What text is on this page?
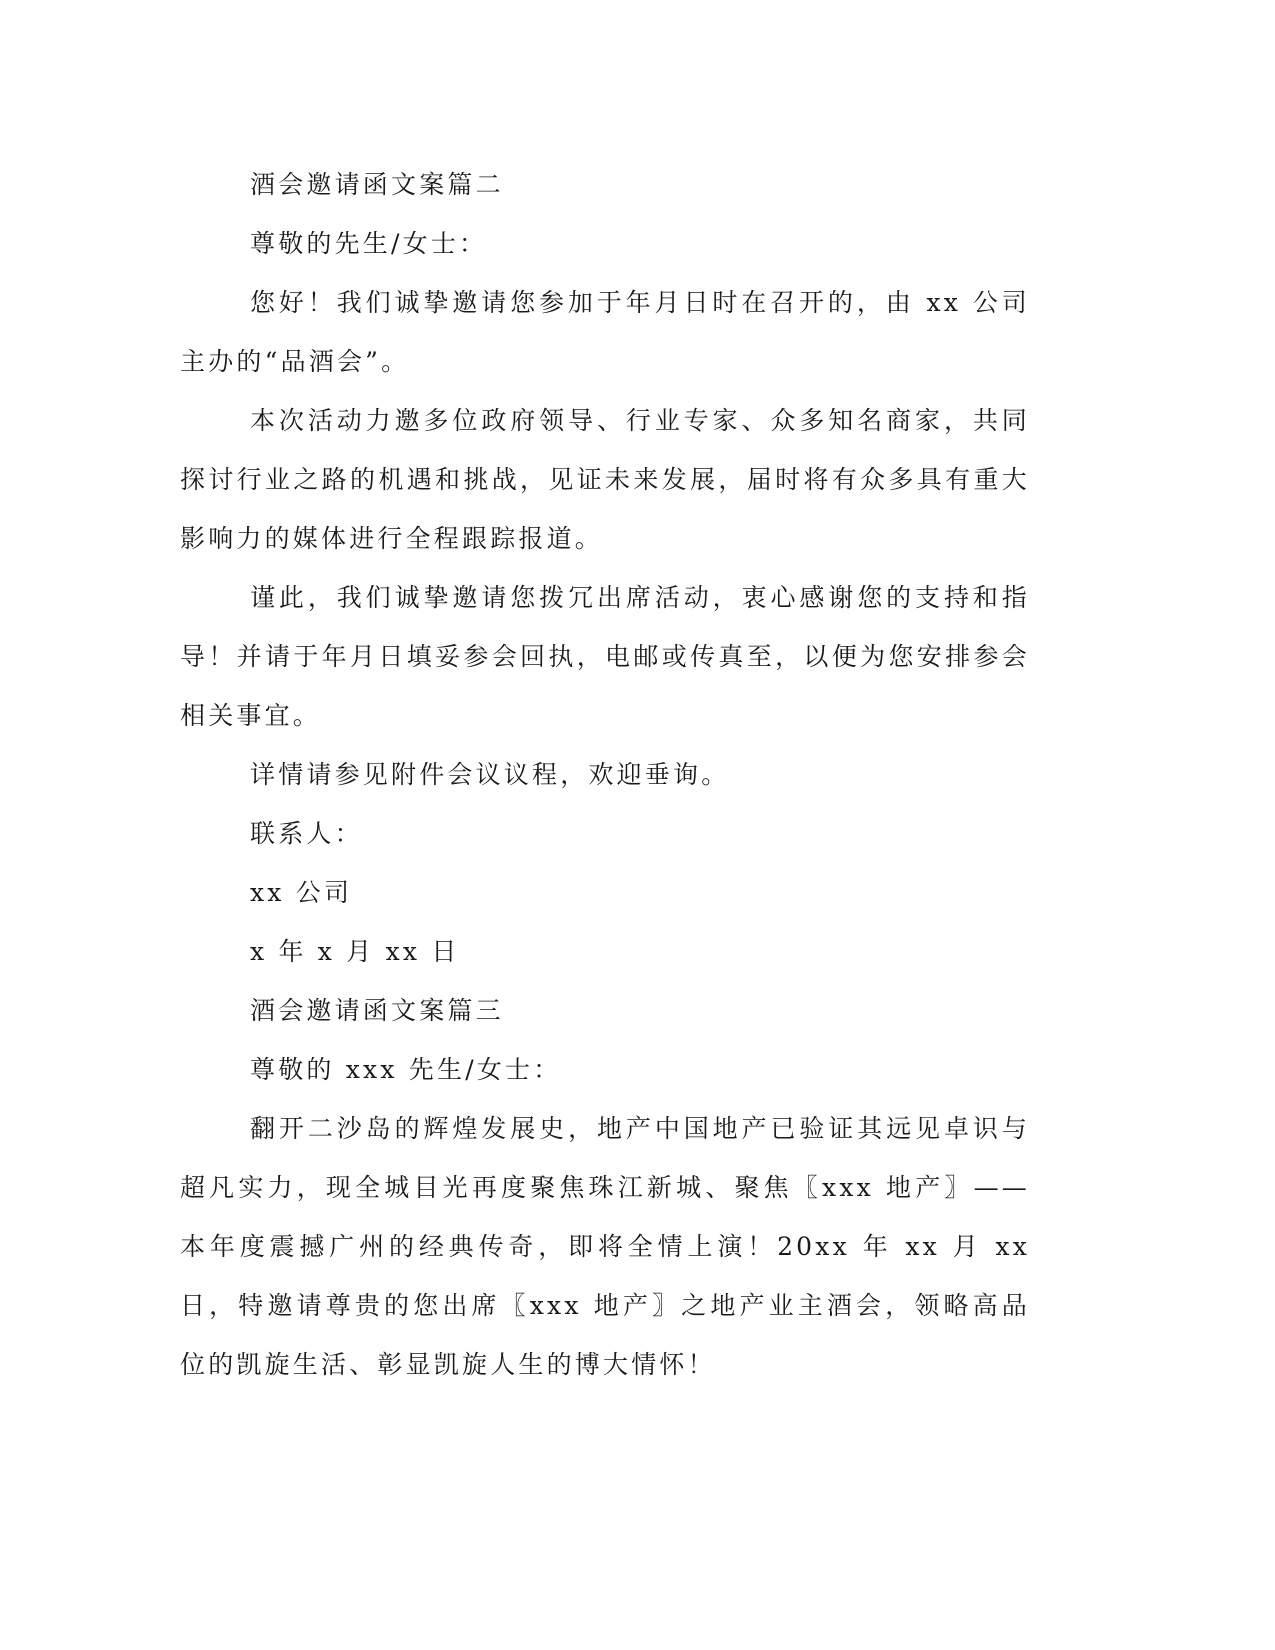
酒会邀请函文案篇二

尊敬的先生/女士：

您好！我们诚挚邀请您参加于年月日时在召开的，由 xx 公司主办的“品酒会”。

本次活动力邀多位政府领导、行业专家、众多知名商家，共同探讨行业之路的机遇和挑战，见证未来发展，届时将有众多具有重大影响力的媒体进行全程跟踪报道。

谨此，我们诚挚邀请您拨冗出席活动，衷心感谢您的支持和指导！并请于年月日填妥参会回执，电邮或传真至，以便为您安排参会相关事宜。

详情请参见附件会议议程，欢迎垂询。

联系人：

xx 公司

x 年 x 月 xx 日

酒会邀请函文案篇三

尊敬的 xxx 先生/女士：

翻开二沙岛的辉煌发展史，地产中国地产已验证其远见卓识与超凡实力，现全城目光再度聚焦珠江新城、聚焦〖xxx 地产〗——本年度震撼广州的经典传奇，即将全情上演！20xx 年 xx 月 xx 日，特邀请尊贵的您出席〖xxx 地产〗之地产业主酒会，领略高品位的凯旋生活、彰显凯旋人生的博大情怀！
